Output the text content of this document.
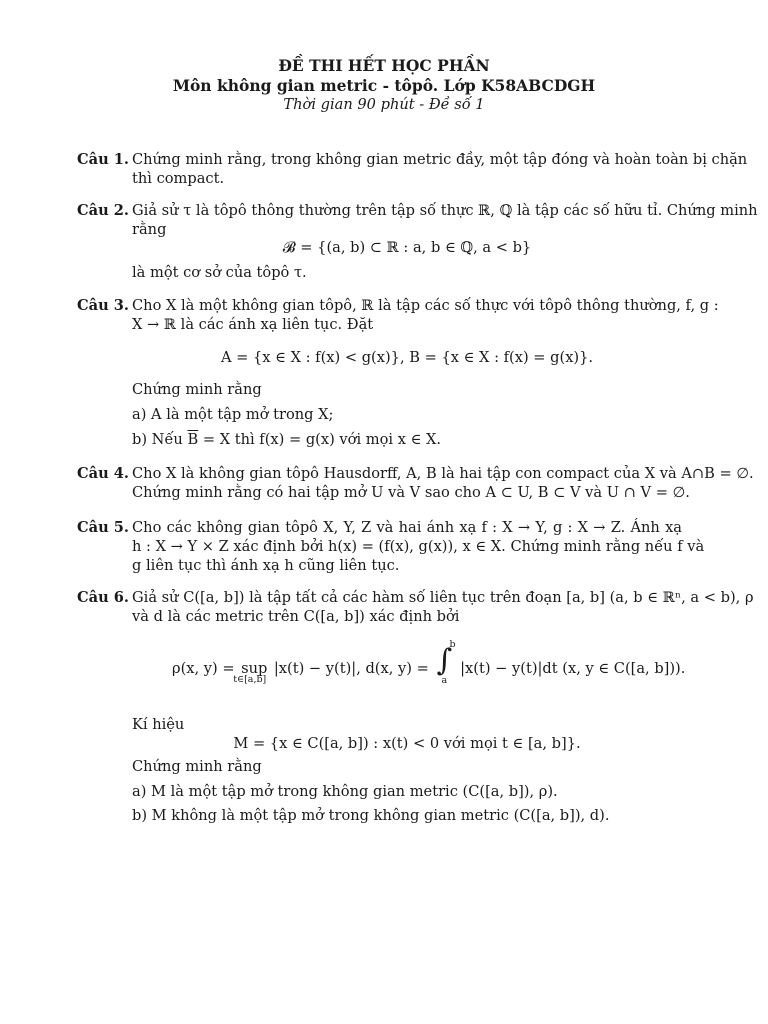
ĐỀ THI HẾT HỌC PHẦN
Môn không gian metric - tôpô. Lớp K58ABCDGH
Thời gian 90 phút - Đề số 1
Câu 1. Chứng minh rằng, trong không gian metric đầy, một tập đóng và hoàn toàn bị chặn
thì compact.
Câu 2. Giả sử τ là tôpô thông thường trên tập số thực ℝ, ℚ là tập các số hữu tỉ. Chứng minh
rằng
𝓑 = {(a, b) ⊂ ℝ : a, b ∈ ℚ, a < b}
là một cơ sở của tôpô τ.
Câu 3. Cho X là một không gian tôpô, ℝ là tập các số thực với tôpô thông thường, f, g :
X → ℝ là các ánh xạ liên tục. Đặt
A = {x ∈ X : f(x) < g(x)}, B = {x ∈ X : f(x) = g(x)}.
Chứng minh rằng
a) A là một tập mở trong X;
b) Nếu $\overline{B} = X$ thì f(x) = g(x) với mọi x ∈ X.
Câu 4. Cho X là không gian tôpô Hausdorff, A, B là hai tập con compact của X và A∩B = ∅.
Chứng minh rằng có hai tập mở U và V sao cho A ⊂ U, B ⊂ V và U ∩ V = ∅.
Câu 5. Cho các không gian tôpô X, Y, Z và hai ánh xạ f : X → Y, g : X → Z. Ánh xạ
h : X → Y × Z xác định bởi h(x) = (f(x), g(x)), x ∈ X. Chứng minh rằng nếu f và
g liên tục thì ánh xạ h cũng liên tục.
Câu 6. Giả sử C([a, b]) là tập tất cả các hàm số liên tục trên đoạn [a, b] (a, b ∈ ℝⁿ, a < b), ρ
và d là các metric trên C([a, b]) xác định bởi
ρ(x, y) = sup
t∈[a,b]
|x(t) − y(t)|, d(x, y) = ∫
b
a
|x(t) − y(t)|dt (x, y ∈ C([a, b])).
Kí hiệu
M = {x ∈ C([a, b]) : x(t) < 0 với mọi t ∈ [a, b]}.
Chứng minh rằng
a) M là một tập mở trong không gian metric (C([a, b]), ρ).
b) M không là một tập mở trong không gian metric (C([a, b]), d).
